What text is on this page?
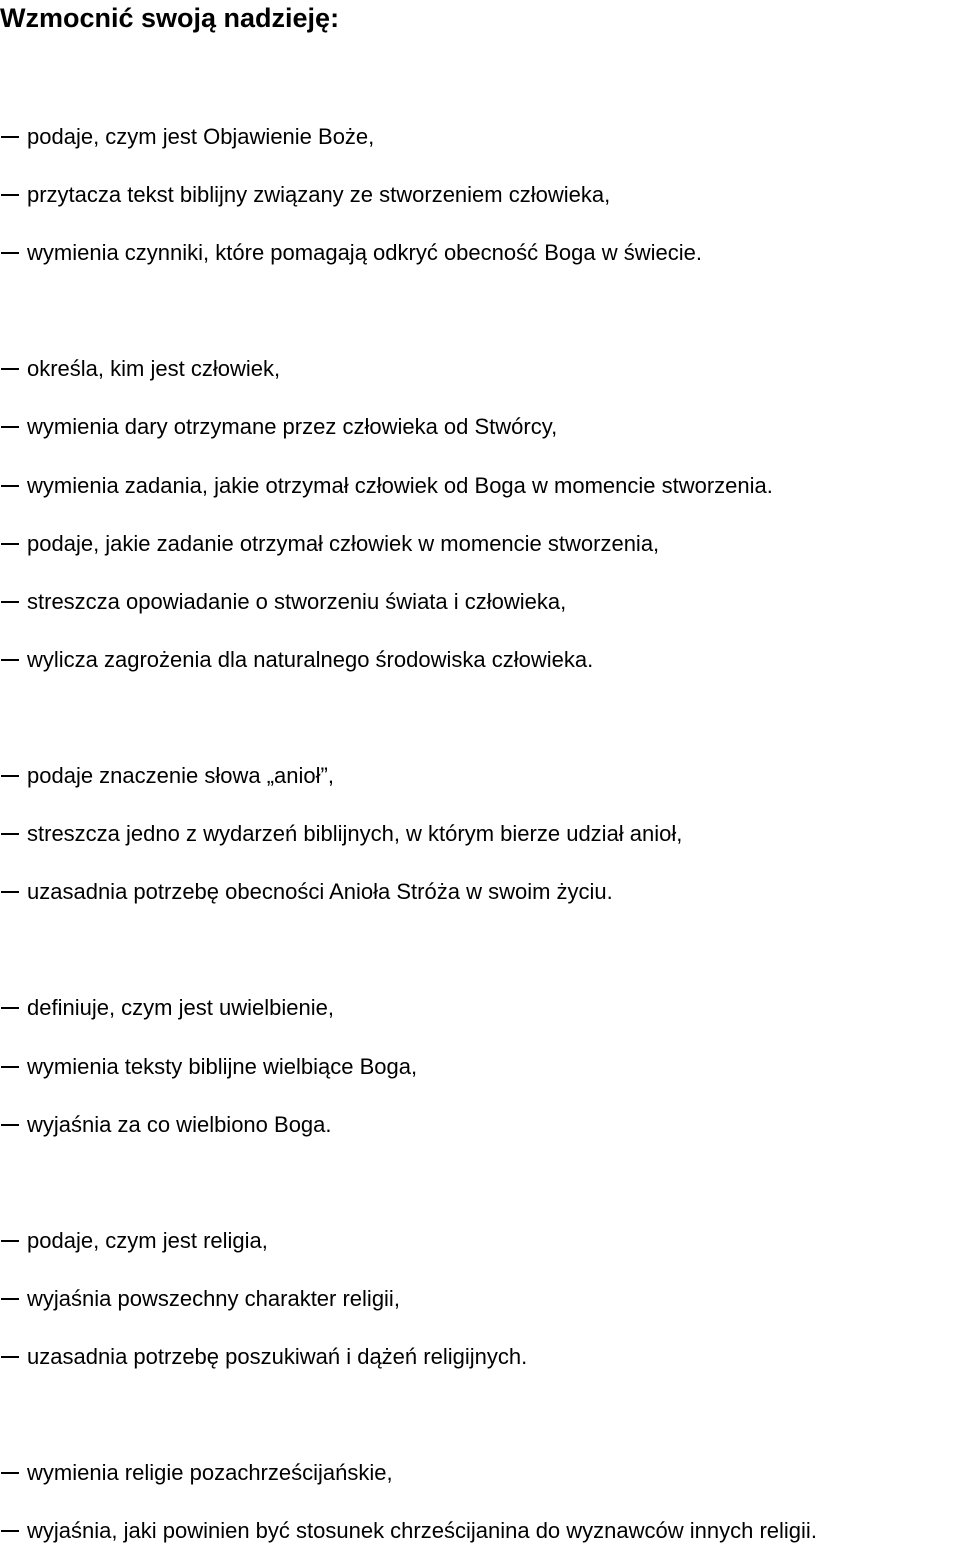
Wzmocnić swoją nadzieję:
podaje, czym jest Objawienie Boże,
przytacza tekst biblijny związany ze stworzeniem człowieka,
wymienia czynniki, które pomagają odkryć obecność Boga w świecie.
określa, kim jest człowiek,
wymienia dary otrzymane przez człowieka od Stwórcy,
wymienia zadania, jakie otrzymał człowiek od Boga w momencie stworzenia.
podaje, jakie zadanie otrzymał człowiek w momencie stworzenia,
streszcza opowiadanie o stworzeniu świata i człowieka,
wylicza zagrożenia dla naturalnego środowiska człowieka.
podaje znaczenie słowa „anioł”,
streszcza jedno z wydarzeń biblijnych, w którym bierze udział anioł,
uzasadnia potrzebę obecności Anioła Stróża w swoim życiu.
definiuje, czym jest uwielbienie,
wymienia teksty biblijne wielbiące Boga,
wyjaśnia za co wielbiono Boga.
podaje, czym jest religia,
wyjaśnia powszechny charakter religii,
uzasadnia potrzebę poszukiwań i dążeń religijnych.
wymienia religie pozachrześcijańskie,
wyjaśnia, jaki powinien być stosunek chrześcijanina do wyznawców innych religii.
